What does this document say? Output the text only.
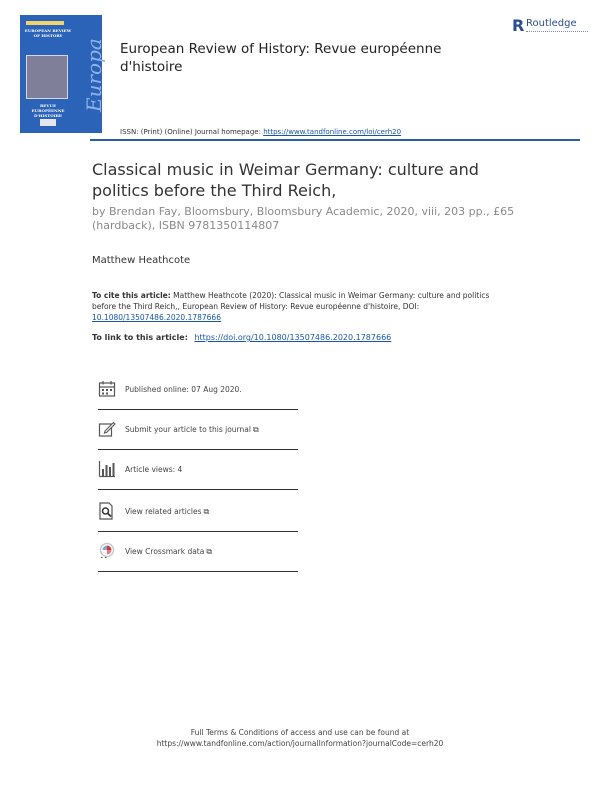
EUROPEAN REVIEW OF HISTORY
REVUE EUROPÉENNE D'HISTOIRE
Europa European Review of History: Revue européenne d'histoire
R Routledge
ISSN: (Print) (Online) Journal homepage: https://www.tandfonline.com/loi/cerh20
Classical music in Weimar Germany: culture and politics before the Third Reich,
by Brendan Fay, Bloomsbury, Bloomsbury Academic, 2020, viii, 203 pp., £65 (hardback), ISBN 9781350114807
Matthew Heathcote
To cite this article: Matthew Heathcote (2020): Classical music in Weimar Germany: culture and politics before the Third Reich,, European Review of History: Revue européenne d'histoire, DOI: 10.1080/13507486.2020.1787666
To link to this article: https://doi.org/10.1080/13507486.2020.1787666
Published online: 07 Aug 2020.
Submit your article to this journal ⧉
Article views: 4
View related articles ⧉
View Crossmark data ⧉
Full Terms & Conditions of access and use can be found at
https://www.tandfonline.com/action/journalInformation?journalCode=cerh20
